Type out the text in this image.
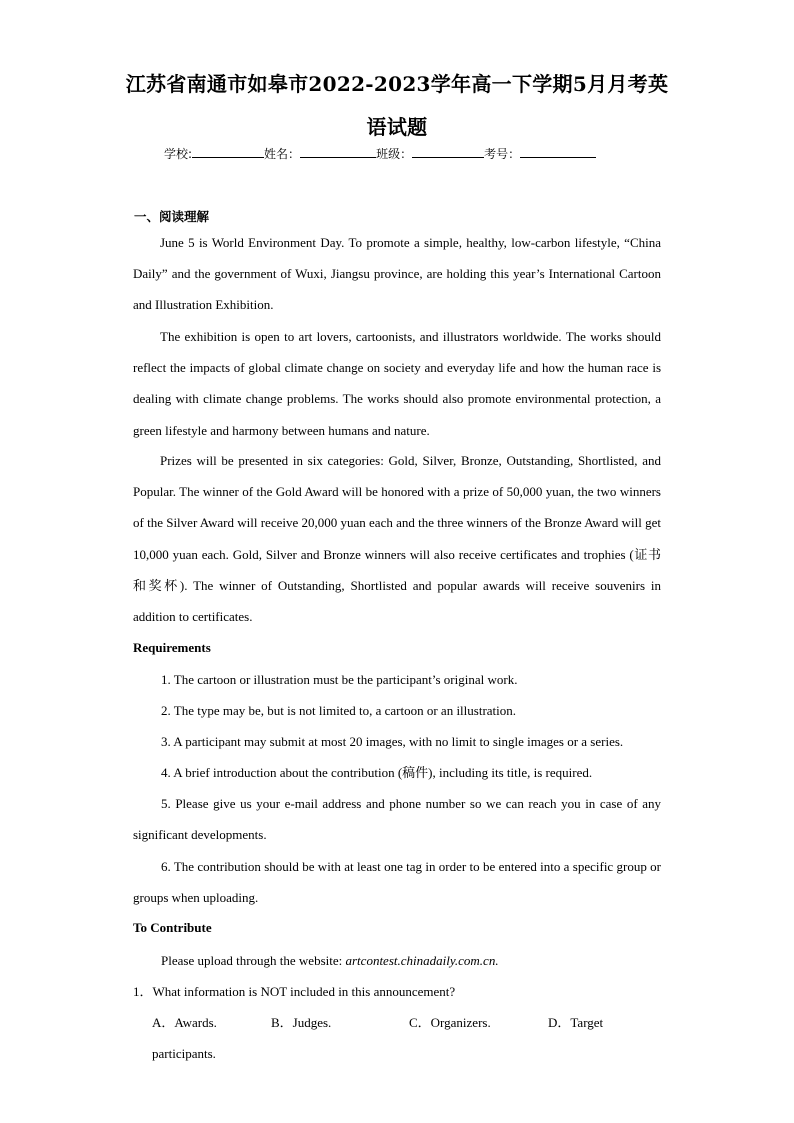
江苏省南通市如皋市2022-2023学年高一下学期5月月考英
语试题
学校:	姓名：	班级：	考号：
一、阅读理解
June 5 is World Environment Day. To promote a simple, healthy, low-carbon lifestyle, “China Daily” and the government of Wuxi, Jiangsu province, are holding this year’s International Cartoon and Illustration Exhibition.
The exhibition is open to art lovers, cartoonists, and illustrators worldwide. The works should reflect the impacts of global climate change on society and everyday life and how the human race is dealing with climate change problems. The works should also promote environmental protection, a green lifestyle and harmony between humans and nature.
Prizes will be presented in six categories: Gold, Silver, Bronze, Outstanding, Shortlisted, and Popular. The winner of the Gold Award will be honored with a prize of 50,000 yuan, the two winners of the Silver Award will receive 20,000 yuan each and the three winners of the Bronze Award will get 10,000 yuan each. Gold, Silver and Bronze winners will also receive certificates and trophies (证书和奖杯). The winner of Outstanding, Shortlisted and popular awards will receive souvenirs in addition to certificates.
Requirements
1. The cartoon or illustration must be the participant’s original work.
2. The type may be, but is not limited to, a cartoon or an illustration.
3. A participant may submit at most 20 images, with no limit to single images or a series.
4. A brief introduction about the contribution (稿件), including its title, is required.
5. Please give us your e-mail address and phone number so we can reach you in case of any significant developments.
6. The contribution should be with at least one tag in order to be entered into a specific group or groups when uploading.
To Contribute
Please upload through the website: artcontest.chinadaily.com.cn.
1．What information is NOT included in this announcement?
A．Awards.	B．Judges.	C．Organizers.	D．Target
participants.
